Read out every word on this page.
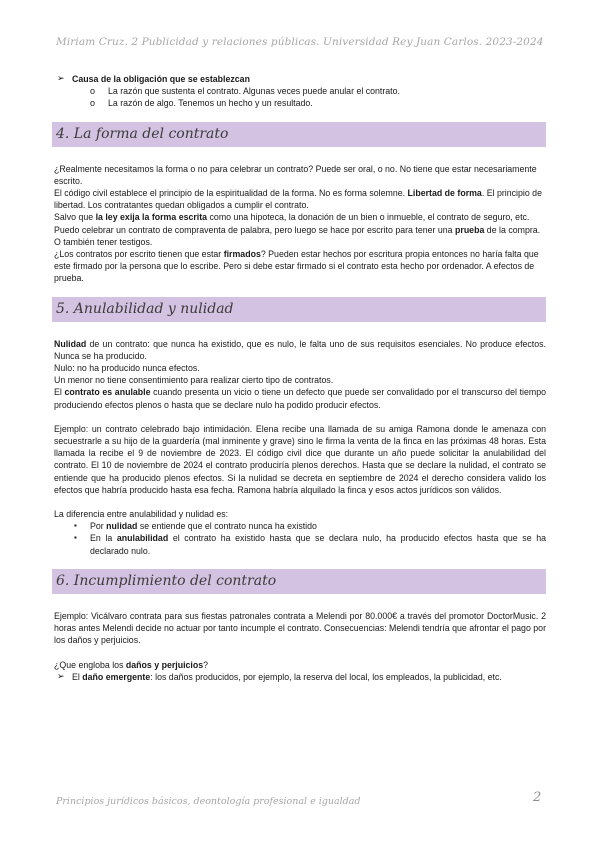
Miriam Cruz. 2 Publicidad y relaciones públicas. Universidad Rey Juan Carlos. 2023-2024
➢ Causa de la obligación que se establezcan

o La razón que sustenta el contrato. Algunas veces puede anular el contrato.
o La razón de algo. Tenemos un hecho y un resultado.
4. La forma del contrato

¿Realmente necesitamos la forma o no para celebrar un contrato? Puede ser oral, o no. No tiene que estar necesariamente escrito.

El código civil establece el principio de la espiritualidad de la forma. No es forma solemne. Libertad de forma. El principio de libertad. Los contratantes quedan obligados a cumplir el contrato.

Salvo que la ley exija la forma escrita como una hipoteca, la donación de un bien o inmueble, el contrato de seguro, etc. Puedo celebrar un contrato de compraventa de palabra, pero luego se hace por escrito para tener una prueba de la compra. O también tener testigos.

¿Los contratos por escrito tienen que estar firmados? Pueden estar hechos por escritura propia entonces no haría falta que este firmado por la persona que lo escribe. Pero si debe estar firmado si el contrato esta hecho por ordenador. A efectos de prueba.

5. Anulabilidad y nulidad

Nulidad de un contrato: que nunca ha existido, que es nulo, le falta uno de sus requisitos esenciales. No produce efectos. Nunca se ha producido.

Nulo: no ha producido nunca efectos.

Un menor no tiene consentimiento para realizar cierto tipo de contratos.

El contrato es anulable cuando presenta un vicio o tiene un defecto que puede ser convalidado por el transcurso del tiempo produciendo efectos plenos o hasta que se declare nulo ha podido producir efectos.

Ejemplo: un contrato celebrado bajo intimidación. Elena recibe una llamada de su amiga Ramona donde le amenaza con secuestrarle a su hijo de la guardería (mal inminente y grave) sino le firma la venta de la finca en las próximas 48 horas. Esta llamada la recibe el 9 de noviembre de 2023. El código civil dice que durante un año puede solicitar la anulabilidad del contrato. El 10 de noviembre de 2024 el contrato produciría plenos derechos. Hasta que se declare la nulidad, el contrato se entiende que ha producido plenos efectos. Si la nulidad se decreta en septiembre de 2024 el derecho considera valido los efectos que habría producido hasta esa fecha. Ramona habría alquilado la finca y esos actos jurídicos son válidos.

La diferencia entre anulabilidad y nulidad es:

▪ Por nulidad se entiende que el contrato nunca ha existido
▪ En la anulabilidad el contrato ha existido hasta que se declara nulo, ha producido efectos hasta que se ha declarado nulo.
6. Incumplimiento del contrato

Ejemplo: Vicálvaro contrata para sus fiestas patronales contrata a Melendi por 80.000€ a través del promotor DoctorMusic. 2 horas antes Melendi decide no actuar por tanto incumple el contrato. Consecuencias: Melendi tendría que afrontar el pago por los daños y perjuicios.

¿Que engloba los daños y perjuicios?

➢ El daño emergente: los daños producidos, por ejemplo, la reserva del local, los empleados, la publicidad, etc.

Principios jurídicos básicos, deontología profesional e igualdad	2
